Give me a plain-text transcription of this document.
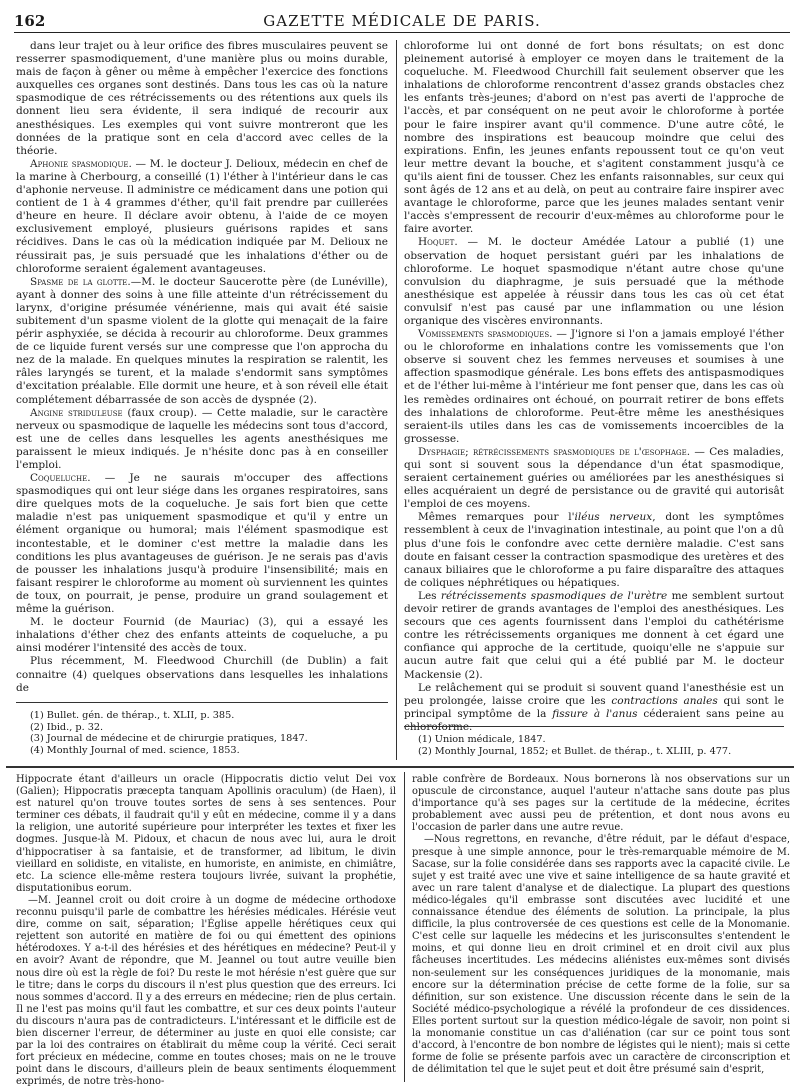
162	GAZETTE MÉDICALE DE PARIS.

dans leur trajet ou à leur orifice des fibres musculaires peuvent se resserrer spasmodiquement, d'une manière plus ou moins durable, mais de façon à gêner ou même à empêcher l'exercice des fonctions auxquelles ces organes sont destinés. Dans tous les cas où la nature spasmodique de ces rétrécissements ou des rétentions aux quels ils donnent lieu sera évidente, il sera indiqué de recourir aux anesthésiques. Les exemples qui vont suivre montreront que les données de la pratique sont en cela d'accord avec celles de la théorie.

Aphonie spasmodique. — M. le docteur J. Delioux, médecin en chef de la marine à Cherbourg, a conseillé (1) l'éther à l'intérieur dans le cas d'aphonie nerveuse. Il administre ce médicament dans une potion qui contient de 1 à 4 grammes d'éther, qu'il fait prendre par cuillerées d'heure en heure. Il déclare avoir obtenu, à l'aide de ce moyen exclusivement employé, plusieurs guérisons rapides et sans récidives. Dans le cas où la médication indiquée par M. Delioux ne réussirait pas, je suis persuadé que les inhalations d'éther ou de chloroforme seraient également avantageuses.

Spasme de la glotte.—M. le docteur Saucerotte père (de Lunéville), ayant à donner des soins à une fille atteinte d'un rétrécissement du larynx, d'origine présumée vénérienne, mais qui avait été saisie subitement d'un spasme violent de la glotte qui menaçait de la faire périr asphyxiée, se décida à recourir au chloroforme. Deux grammes de ce liquide furent versés sur une compresse que l'on approcha du nez de la malade. En quelques minutes la respiration se ralentit, les râles laryngés se turent, et la malade s'endormit sans symptômes d'excitation préalable. Elle dormit une heure, et à son réveil elle était complétement débarrassée de son accès de dyspnée (2).

Angine striduleuse (faux croup). — Cette maladie, sur le caractère nerveux ou spasmodique de laquelle les médecins sont tous d'accord, est une de celles dans lesquelles les agents anesthésiques me paraissent le mieux indiqués. Je n'hésite donc pas à en conseiller l'emploi.

Coqueluche. — Je ne saurais m'occuper des affections spasmodiques qui ont leur siége dans les organes respiratoires, sans dire quelques mots de la coqueluche. Je sais fort bien que cette maladie n'est pas uniquement spasmodique et qu'il y entre un élément organique ou humoral; mais l'élément spasmodique est incontestable, et le dominer c'est mettre la maladie dans les conditions les plus avantageuses de guérison. Je ne serais pas d'avis de pousser les inhalations jusqu'à produire l'insensibilité; mais en faisant respirer le chloroforme au moment où surviennent les quintes de toux, on pourrait, je pense, produire un grand soulagement et même la guérison.

M. le docteur Fournid (de Mauriac) (3), qui a essayé les inhalations d'éther chez des enfants atteints de coqueluche, a pu ainsi modérer l'intensité des accès de toux.

Plus récemment, M. Fleedwood Churchill (de Dublin) a fait connaitre (4) quelques observations dans lesquelles les inhalations de

chloroforme lui ont donné de fort bons résultats; on est donc pleinement autorisé à employer ce moyen dans le traitement de la coqueluche. M. Fleedwood Churchill fait seulement observer que les inhalations de chloroforme rencontrent d'assez grands obstacles chez les enfants très-jeunes; d'abord on n'est pas averti de l'approche de l'accès, et par conséquent on ne peut avoir le chloroforme à portée pour le faire inspirer avant qu'il commence. D'une autre côté, le nombre des inspirations est beaucoup moindre que celui des expirations. Enfin, les jeunes enfants repoussent tout ce qu'on veut leur mettre devant la bouche, et s'agitent constamment jusqu'à ce qu'ils aient fini de tousser. Chez les enfants raisonnables, sur ceux qui sont âgés de 12 ans et au delà, on peut au contraire faire inspirer avec avantage le chloroforme, parce que les jeunes malades sentant venir l'accès s'empressent de recourir d'eux-mêmes au chloroforme pour le faire avorter.

Hoquet. — M. le docteur Amédée Latour a publié (1) une observation de hoquet persistant guéri par les inhalations de chloroforme. Le hoquet spasmodique n'étant autre chose qu'une convulsion du diaphragme, je suis persuadé que la méthode anesthésique est appelée à réussir dans tous les cas où cet état convulsif n'est pas causé par une inflammation ou une lésion organique des viscères environnants.

Vomissements spasmodiques. — J'ignore si l'on a jamais employé l'éther ou le chloroforme en inhalations contre les vomissements que l'on observe si souvent chez les femmes nerveuses et soumises à une affection spasmodique générale. Les bons effets des antispasmodiques et de l'éther lui-même à l'intérieur me font penser que, dans les cas où les remèdes ordinaires ont échoué, on pourrait retirer de bons effets des inhalations de chloroforme. Peut-être même les anesthésiques seraient-ils utiles dans les cas de vomissements incoercibles de la grossesse.

Dysphagie; rétrécissements spasmodiques de l'œsophage. — Ces maladies, qui sont si souvent sous la dépendance d'un état spasmodique, seraient certainement guéries ou améliorées par les anesthésiques si elles acquéraient un degré de persistance ou de gravité qui autorisât l'emploi de ces moyens.

Mêmes remarques pour l'iléus nerveux, dont les symptômes ressemblent à ceux de l'invagination intestinale, au point que l'on a dû plus d'une fois le confondre avec cette dernière maladie. C'est sans doute en faisant cesser la contraction spasmodique des uretères et des canaux biliaires que le chloroforme a pu faire disparaître des attaques de coliques néphrétiques ou hépatiques.

Les rétrécissements spasmodiques de l'urètre me semblent surtout devoir retirer de grands avantages de l'emploi des anesthésiques. Les secours que ces agents fournissent dans l'emploi du cathétérisme contre les rétrécissements organiques me donnent à cet égard une confiance qui approche de la certitude, quoiqu'elle ne s'appuie sur aucun autre fait que celui qui a été publié par M. le docteur Mackensie (2).

Le relâchement qui se produit si souvent quand l'anesthésie est un peu prolongée, laisse croire que les contractions anales qui sont le principal symptôme de la fissure à l'anus céderaient sans peine au

(1) Bullet. gén. de thérap., t. XLII, p. 385.
(2) Ibid., p. 32.
(3) Journal de médecine et de chirurgie pratiques, 1847.
(4) Monthly Journal of med. science, 1853.
(1) Union médicale, 1847.
(2) Monthly Journal, 1852; et Bullet. de thérap., t. XLIII, p. 477.

Hippocrate étant d'ailleurs un oracle (Hippocratis dictio velut Dei vox (Galien); Hippocratis præcepta tanquam Apollinis oraculum) (de Haen), il est naturel qu'on trouve toutes sortes de sens à ses sentences. Pour terminer ces débats, il faudrait qu'il y eût en médecine, comme il y a dans la religion, une autorité supérieure pour interpréter les textes et fixer les dogmes. Jusque-là M. Pidoux, et chacun de nous avec lui, aura le droit d'hippocratiser à sa fantaisie, et de transformer, ad libitum, le divin vieillard en solidiste, en vitaliste, en humoriste, en animiste, en chimiâtre, etc. La science elle-même restera toujours livrée, suivant la prophétie, disputationibus eorum.

—M. Jeannel croit ou doit croire à un dogme de médecine orthodoxe reconnu puisqu'il parle de combattre les hérésies médicales. Hérésie veut dire, comme on sait, séparation; l'Église appelle hérétiques ceux qui rejettent son autorité en matière de foi ou qui émettent des opinions hétérodoxes. Y a-t-il des hérésies et des hérétiques en médecine? Peut-il y en avoir? Avant de répondre, que M. Jeannel ou tout autre veuille bien nous dire où est la règle de foi? Du reste le mot hérésie n'est guère que sur le titre; dans le corps du discours il n'est plus question que des erreurs. Ici nous sommes d'accord. Il y a des erreurs en médecine; rien de plus certain. Il ne l'est pas moins qu'il faut les combattre, et sur ces deux points l'auteur du discours n'aura pas de contradicteurs. L'intéressant et le difficile est de bien discerner l'erreur, de déterminer au juste en quoi elle consiste; car par la loi des contraires on établirait du même coup la vérité. Ceci serait fort précieux en médecine, comme en toutes choses; mais on ne le trouve point dans le discours, d'ailleurs plein de beaux sentiments éloquemment exprimés, de notre très-hono-

rable confrère de Bordeaux. Nous bornerons là nos observations sur un opuscule de circonstance, auquel l'auteur n'attache sans doute pas plus d'importance qu'à ses pages sur la certitude de la médecine, écrites probablement avec aussi peu de prétention, et dont nous avons eu l'occasion de parler dans une autre revue.

—Nous regrettons, en revanche, d'être réduit, par le défaut d'espace, presque à une simple annonce, pour le très-remarquable mémoire de M. Sacase, sur la folie considérée dans ses rapports avec la capacité civile. Le sujet y est traité avec une vive et saine intelligence de sa haute gravité et avec un rare talent d'analyse et de dialectique. La plupart des questions médico-légales qu'il embrasse sont discutées avec lucidité et une connaissance étendue des éléments de solution. La principale, la plus difficile, la plus controversée de ces questions est celle de la Monomanie. C'est celle sur laquelle les médecins et les jurisconsultes s'entendent le moins, et qui donne lieu en droit criminel et en droit civil aux plus fâcheuses incertitudes. Les médecins aliénistes eux-mêmes sont divisés non-seulement sur les conséquences juridiques de la monomanie, mais encore sur la détermination précise de cette forme de la folie, sur sa définition, sur son existence. Une discussion récente dans le sein de la Société médico-psychologique a révélé la profondeur de ces dissidences. Elles portent surtout sur la question médico-légale de savoir, non point si la monomanie constitue un cas d'aliénation (car sur ce point tous sont d'accord, à l'encontre de bon nombre de légistes qui le nient); mais si cette forme de folie se présente parfois avec un caractère de circonscription et de délimitation tel que le sujet peut et doit être présumé sain d'esprit,
